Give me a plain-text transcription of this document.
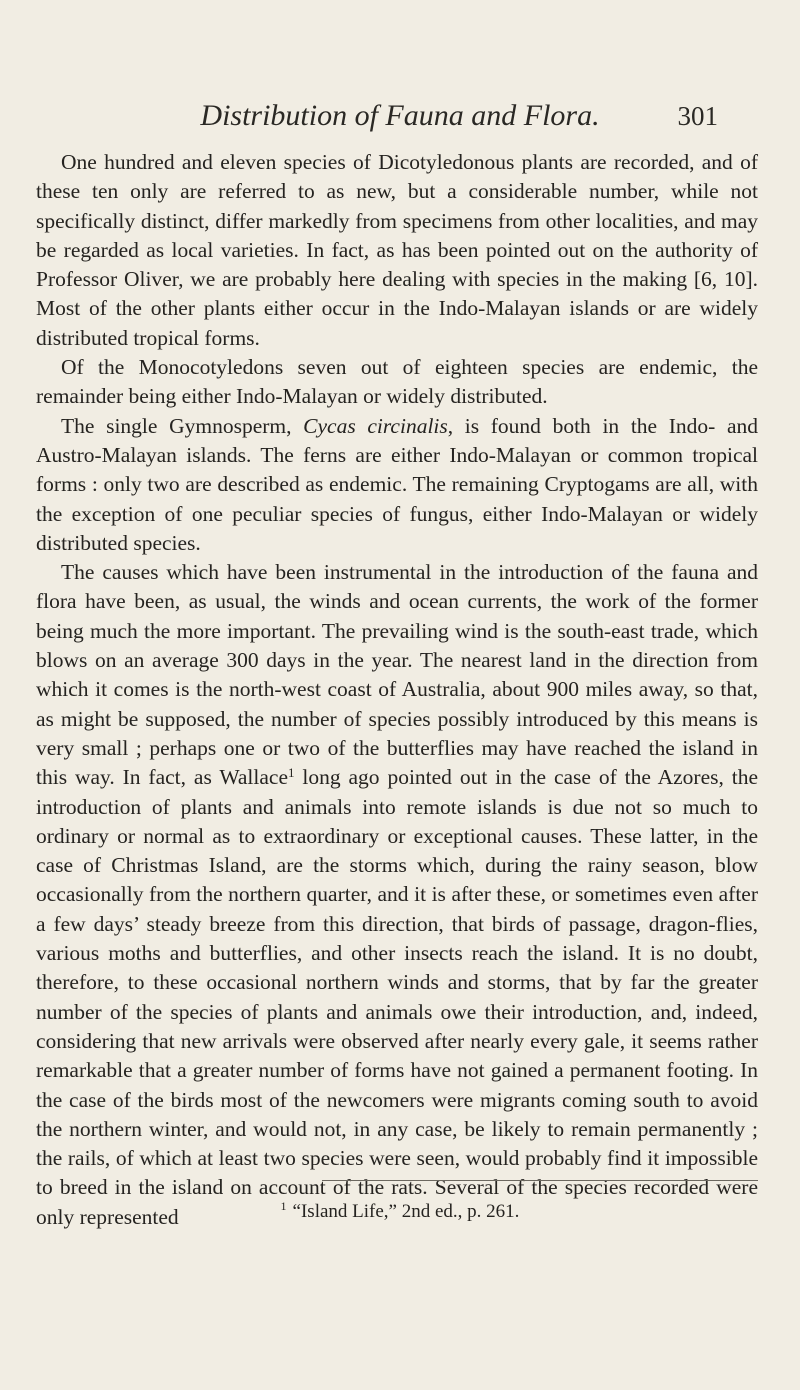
Distribution of Fauna and Flora.	301

One hundred and eleven species of Dicotyledonous plants are recorded, and of these ten only are referred to as new, but a considerable number, while not specifically distinct, differ markedly from specimens from other localities, and may be regarded as local varieties. In fact, as has been pointed out on the authority of Professor Oliver, we are probably here dealing with species in the making [6, 10]. Most of the other plants either occur in the Indo-Malayan islands or are widely distributed tropical forms.

Of the Monocotyledons seven out of eighteen species are endemic, the remainder being either Indo-Malayan or widely distributed.

The single Gymnosperm, Cycas circinalis, is found both in the Indo- and Austro-Malayan islands. The ferns are either Indo-Malayan or common tropical forms : only two are described as endemic. The remaining Cryptogams are all, with the exception of one peculiar species of fungus, either Indo-Malayan or widely distributed species.

The causes which have been instrumental in the introduction of the fauna and flora have been, as usual, the winds and ocean currents, the work of the former being much the more important. The prevailing wind is the south-east trade, which blows on an average 300 days in the year. The nearest land in the direction from which it comes is the north-west coast of Australia, about 900 miles away, so that, as might be supposed, the number of species possibly introduced by this means is very small ; perhaps one or two of the butterflies may have reached the island in this way. In fact, as Wallace$^1$ long ago pointed out in the case of the Azores, the introduction of plants and animals into remote islands is due not so much to ordinary or normal as to extraordinary or exceptional causes. These latter, in the case of Christmas Island, are the storms which, during the rainy season, blow occasionally from the northern quarter, and it is after these, or sometimes even after a few days’ steady breeze from this direction, that birds of passage, dragon-flies, various moths and butterflies, and other insects reach the island. It is no doubt, therefore, to these occasional northern winds and storms, that by far the greater number of the species of plants and animals owe their introduction, and, indeed, considering that new arrivals were observed after nearly every gale, it seems rather remarkable that a greater number of forms have not gained a permanent footing. In the case of the birds most of the newcomers were migrants coming south to avoid the northern winter, and would not, in any case, be likely to remain permanently ; the rails, of which at least two species were seen, would probably find it impossible to breed in the island on account of the rats. Several of the species recorded were only represented	$^1$ “Island Life,” 2nd ed., p. 261.
